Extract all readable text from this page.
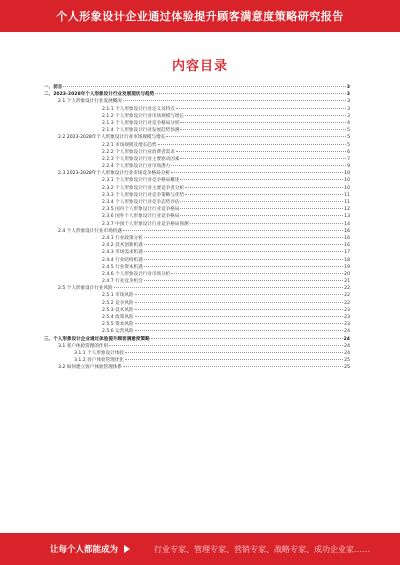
个人形象设计企业通过体验提升顾客满意度策略研究报告
内容目录
一、前言	3
二、2023-2028年个人形象设计行业发展现状与趋势	3
2.1 个人形象设计行业发展概况	3
2.1.1 个人形象设计行业定义及特点	3
2.1.2 个人形象设计行业市场规模与增长	3
2.1.3 个人形象设计行业竞争格局分析	4
2.1.4 个人形象设计行业发展趋势预测	5
2.2 2023-2028年个人形象设计行业市场规模与增长	5
2.2.1 市场规模及增长趋势	5
2.2.2 个人形象设计行业消费者需求	6
2.2.3 个人形象设计行业主要驱动因素	7
2.2.4 个人形象设计行业市场潜力	9
2.3 2023-2028年个人形象设计行业市场竞争格局分析	10
2.3.1 个人形象设计行业竞争格局概述	10
2.3.2 个人形象设计行业主要竞争者分析	10
2.3.3 个人形象设计行业竞争策略与优势	11
2.3.4 个人形象设计行业竞争态势评估	11
2.3.5 国内个人形象设计行业竞争格局	12
2.3.6 国外个人形象设计行业竞争格局	13
2.3.7 中国个人形象设计行业竞争格局预测	14
2.4 个人形象设计行业市场机遇	16
2.4.1 行业政策分析	16
2.4.2 技术创新机遇	16
2.4.3 市场需求机遇	17
2.4.4 行业结构机遇	18
2.4.5 行业资本机遇	19
2.4.6 个人形象设计行业市场分析	20
2.4.7 行业竞争机会	21
2.5 个人形象设计行业风险	22
2.5.1 市场风险	22
2.5.2 竞争风险	22
2.5.3 技术风险	23
2.5.4 政策风险	23
2.5.5 资本风险	23
2.5.6 运营风险	24
三、个人形象设计企业通过体验提升顾客满意度策略	24
3.1 客户体验管理的作用	24
3.1.1 个人形象设计体验	24
3.1.2 客户体验管理优化	25
3.2 如何建立客户体验管理体系	25
让每个人都能成为	行业专家、管理专家、营销专家、战略专家、成功企业家……
